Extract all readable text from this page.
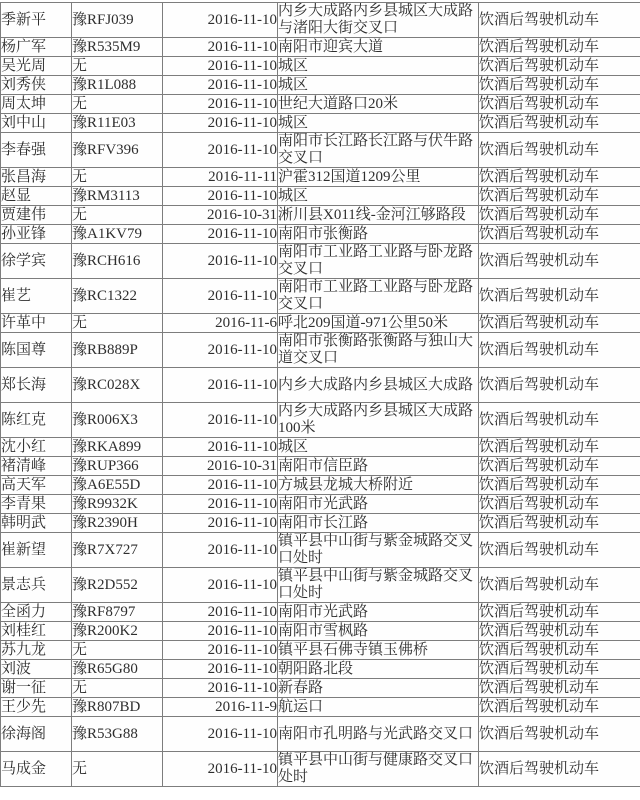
季新平	豫RFJ039	2016-11-10	内乡大成路内乡县城区大成路与渚阳大街交叉口	饮酒后驾驶机动车
杨广军	豫R535M9	2016-11-10	南阳市迎宾大道	饮酒后驾驶机动车
吴光周	无	2016-11-10	城区	饮酒后驾驶机动车
刘秀侠	豫R1L088	2016-11-10	城区	饮酒后驾驶机动车
周太坤	无	2016-11-10	世纪大道路口20米	饮酒后驾驶机动车
刘中山	豫R11E03	2016-11-10	城区	饮酒后驾驶机动车
李春强	豫RFV396	2016-11-10	南阳市长江路长江路与伏牛路交叉口	饮酒后驾驶机动车
张昌海	无	2016-11-11	沪霍312国道1209公里	饮酒后驾驶机动车
赵显	豫RM3113	2016-11-10	城区	饮酒后驾驶机动车
贾建伟	无	2016-10-31	淅川县X011线-金河江够路段	饮酒后驾驶机动车
孙亚锋	豫A1KV79	2016-11-10	南阳市张衡路	饮酒后驾驶机动车
徐学宾	豫RCH616	2016-11-10	南阳市工业路工业路与卧龙路交叉口	饮酒后驾驶机动车
崔艺	豫RC1322	2016-11-10	南阳市工业路工业路与卧龙路交叉口	饮酒后驾驶机动车
许革中	无	2016-11-6	呼北209国道-971公里50米	饮酒后驾驶机动车
陈国尊	豫RB889P	2016-11-10	南阳市张衡路张衡路与独山大道交叉口	饮酒后驾驶机动车
郑长海	豫RC028X	2016-11-10	内乡大成路内乡县城区大成路	饮酒后驾驶机动车
陈红克	豫R006X3	2016-11-10	内乡大成路内乡县城区大成路100米	饮酒后驾驶机动车
沈小红	豫RKA899	2016-11-10	城区	饮酒后驾驶机动车
褚清峰	豫RUP366	2016-10-31	南阳市信臣路	饮酒后驾驶机动车
高天军	豫A6E55D	2016-11-10	方城县龙城大桥附近	饮酒后驾驶机动车
李青果	豫R9932K	2016-11-10	南阳市光武路	饮酒后驾驶机动车
韩明武	豫R2390H	2016-11-10	南阳市长江路	饮酒后驾驶机动车
崔新望	豫R7X727	2016-11-10	镇平县中山街与紫金城路交叉口处时	饮酒后驾驶机动车
景志兵	豫R2D552	2016-11-10	镇平县中山街与紫金城路交叉口处时	饮酒后驾驶机动车
全函力	豫RF8797	2016-11-10	南阳市光武路	饮酒后驾驶机动车
刘桂红	豫R200K2	2016-11-10	南阳市雪枫路	饮酒后驾驶机动车
苏九龙	无	2016-11-10	镇平县石佛寺镇玉佛桥	饮酒后驾驶机动车
刘波	豫R65G80	2016-11-10	朝阳路北段	饮酒后驾驶机动车
谢一征	无	2016-11-10	新春路	饮酒后驾驶机动车
王少先	豫R807BD	2016-11-9	航运口	饮酒后驾驶机动车
徐海阁	豫R53G88	2016-11-10	南阳市孔明路与光武路交叉口	饮酒后驾驶机动车
马成金	无	2016-11-10	镇平县中山街与健康路交叉口处时	饮酒后驾驶机动车
